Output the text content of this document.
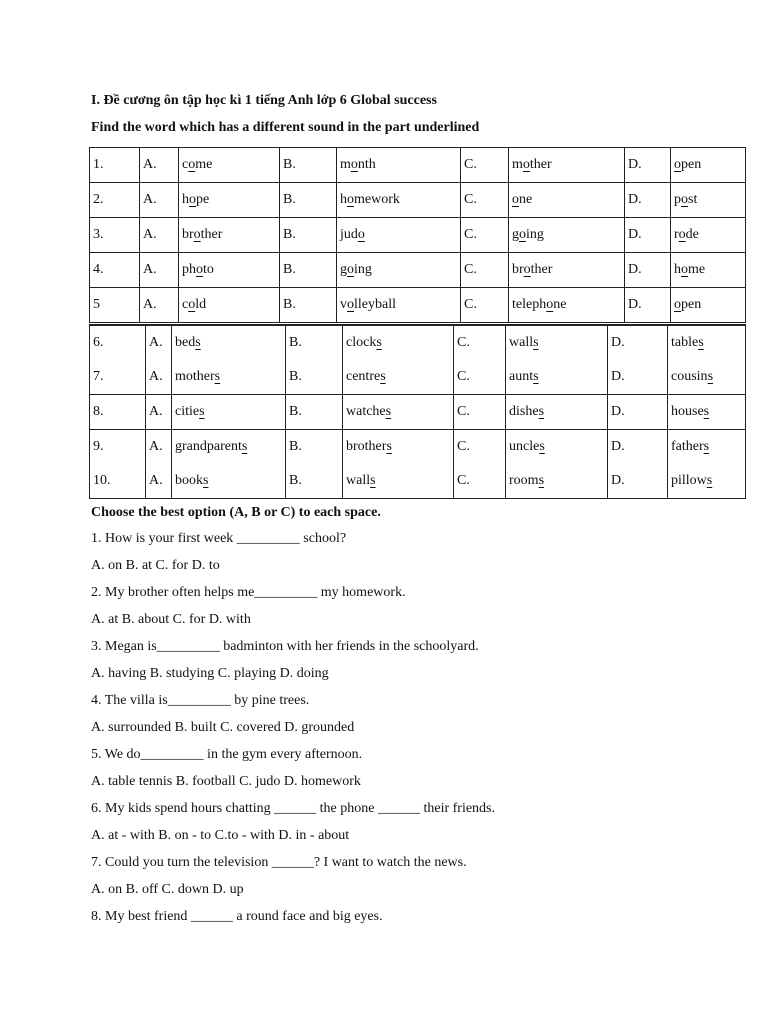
I. Đề cương ôn tập học kì 1 tiếng Anh lớp 6 Global success
Find the word which has a different sound in the part underlined
1.	A.	come	B.	month	C.	mother	D.	open
2.	A.	hope	B.	homework	C.	one	D.	post
3.	A.	brother	B.	judo	C.	going	D.	rode
4.	A.	photo	B.	going	C.	brother	D.	home
5	A.	cold	B.	volleyball	C.	telephone	D.	open
6.	A.	beds	B.	clocks	C.	walls	D.	tables
7.	A.	mothers	B.	centres	C.	aunts	D.	cousins
8.	A.	cities	B.	watches	C.	dishes	D.	houses
9.	A.	grandparents	B.	brothers	C.	uncles	D.	fathers
10.	A.	books	B.	walls	C.	rooms	D.	pillows
Choose the best option (A, B or C) to each space.
1. How is your first week _________ school?
A. on B. at C. for D. to
2. My brother often helps me_________ my homework.
A. at B. about C. for D. with
3. Megan is_________ badminton with her friends in the schoolyard.
A. having B. studying C. playing D. doing
4. The villa is_________ by pine trees.
A. surrounded B. built C. covered D. grounded
5. We do_________ in the gym every afternoon.
A. table tennis B. football C. judo D. homework
6. My kids spend hours chatting ______ the phone ______ their friends.
A. at - with B. on - to C.to - with D. in - about
7. Could you turn the television ______? I want to watch the news.
A. on B. off C. down D. up
8. My best friend ______ a round face and big eyes.
